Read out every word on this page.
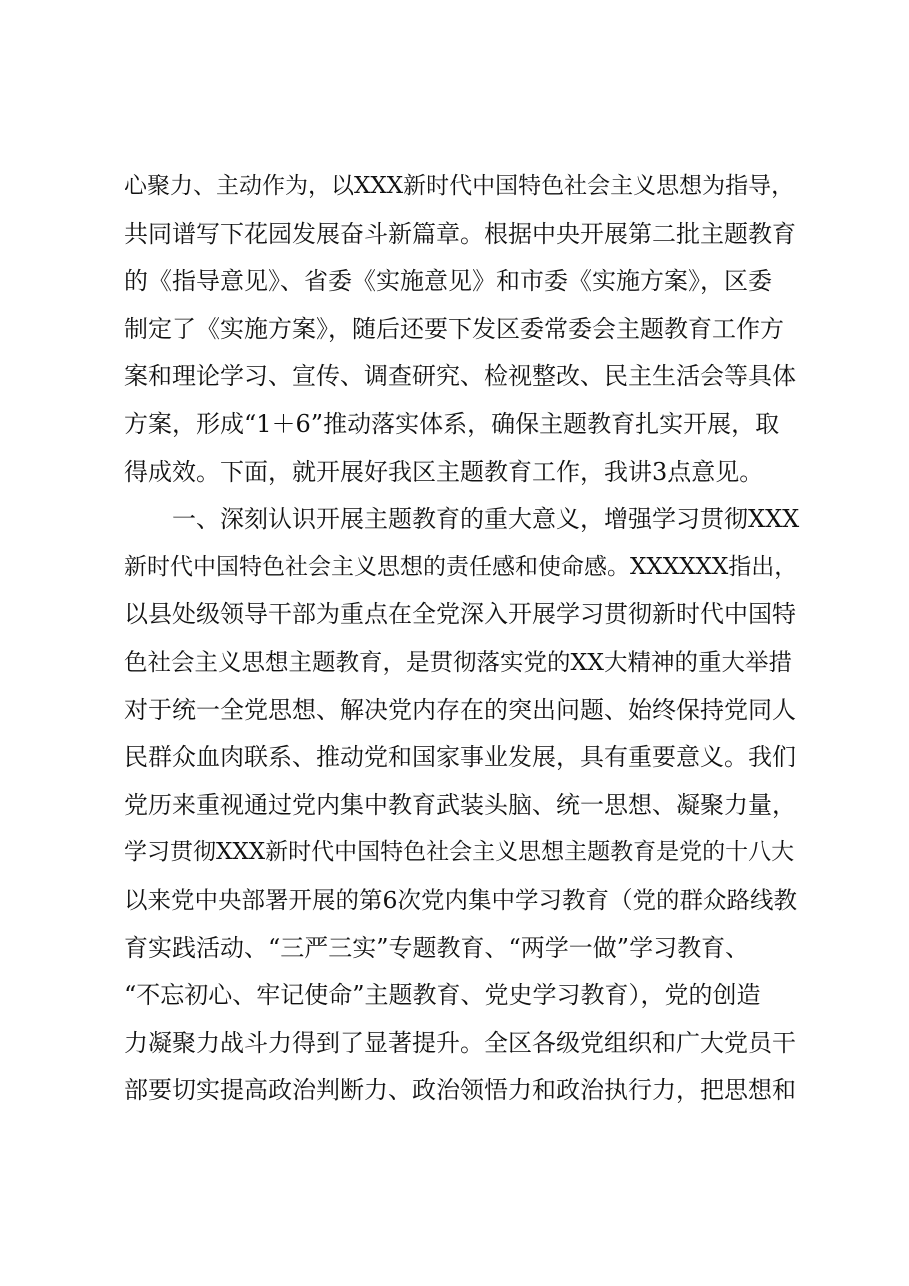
心聚力、主动作为，以XXX新时代中国特色社会主义思想为指导，
共同谱写下花园发展奋斗新篇章。根据中央开展第二批主题教育
的《指导意见》、省委《实施意见》和市委《实施方案》，区委
制定了《实施方案》，随后还要下发区委常委会主题教育工作方
案和理论学习、宣传、调查研究、检视整改、民主生活会等具体
方案，形成“1＋6”推动落实体系，确保主题教育扎实开展，取
得成效。下面，就开展好我区主题教育工作，我讲3点意见。
一、深刻认识开展主题教育的重大意义，增强学习贯彻XXX
新时代中国特色社会主义思想的责任感和使命感。XXXXXX指出，
以县处级领导干部为重点在全党深入开展学习贯彻新时代中国特
色社会主义思想主题教育，是贯彻落实党的XX大精神的重大举措
对于统一全党思想、解决党内存在的突出问题、始终保持党同人
民群众血肉联系、推动党和国家事业发展，具有重要意义。我们
党历来重视通过党内集中教育武装头脑、统一思想、凝聚力量，
学习贯彻XXX新时代中国特色社会主义思想主题教育是党的十八大
以来党中央部署开展的第6次党内集中学习教育（党的群众路线教
育实践活动、“三严三实”专题教育、“两学一做”学习教育、
“不忘初心、牢记使命”主题教育、党史学习教育），党的创造
力凝聚力战斗力得到了显著提升。全区各级党组织和广大党员干
部要切实提高政治判断力、政治领悟力和政治执行力，把思想和
